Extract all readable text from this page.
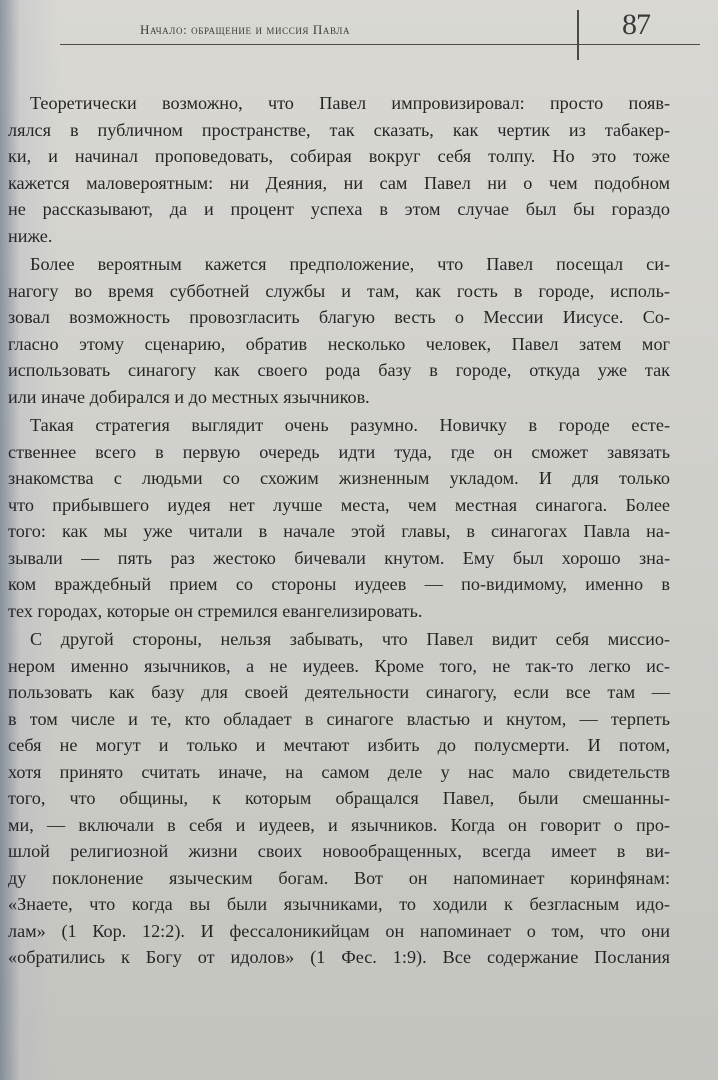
Начало: обращение и миссия Павла	87
Теоретически возможно, что Павел импровизировал: просто появ-
лялся в публичном пространстве, так сказать, как чертик из табакер-
ки, и начинал проповедовать, собирая вокруг себя толпу. Но это тоже
кажется маловероятным: ни Деяния, ни сам Павел ни о чем подобном
не рассказывают, да и процент успеха в этом случае был бы гораздо
ниже.
Более вероятным кажется предположение, что Павел посещал си-
нагогу во время субботней службы и там, как гость в городе, исполь-
зовал возможность провозгласить благую весть о Мессии Иисусе. Со-
гласно этому сценарию, обратив несколько человек, Павел затем мог
использовать синагогу как своего рода базу в городе, откуда уже так
или иначе добирался и до местных язычников.
Такая стратегия выглядит очень разумно. Новичку в городе есте-
ственнее всего в первую очередь идти туда, где он сможет завязать
знакомства с людьми со схожим жизненным укладом. И для только
что прибывшего иудея нет лучше места, чем местная синагога. Более
того: как мы уже читали в начале этой главы, в синагогах Павла на-
зывали — пять раз жестоко бичевали кнутом. Ему был хорошо зна-
ком враждебный прием со стороны иудеев — по-видимому, именно в
тех городах, которые он стремился евангелизировать.
С другой стороны, нельзя забывать, что Павел видит себя миссио-
нером именно язычников, а не иудеев. Кроме того, не так-то легко ис-
пользовать как базу для своей деятельности синагогу, если все там —
в том числе и те, кто обладает в синагоге властью и кнутом, — терпеть
себя не могут и только и мечтают избить до полусмерти. И потом,
хотя принято считать иначе, на самом деле у нас мало свидетельств
того, что общины, к которым обращался Павел, были смешанны-
ми, — включали в себя и иудеев, и язычников. Когда он говорит о про-
шлой религиозной жизни своих новообращенных, всегда имеет в ви-
ду поклонение языческим богам. Вот он напоминает коринфянам:
«Знаете, что когда вы были язычниками, то ходили к безгласным идо-
лам» (1 Кор. 12:2). И фессалоникийцам он напоминает о том, что они
«обратились к Богу от идолов» (1 Фес. 1:9). Все содержание Послания
